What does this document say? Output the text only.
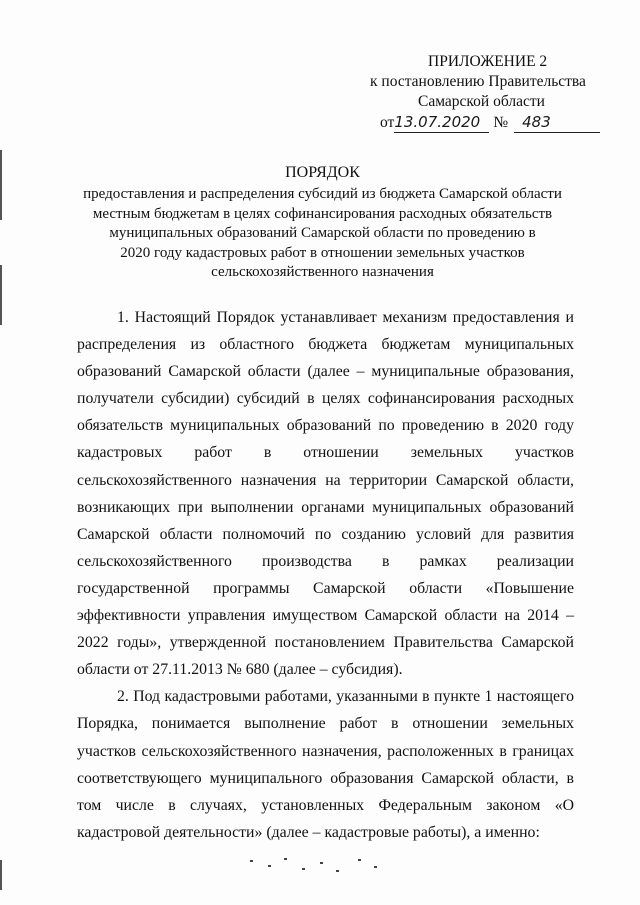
ПРИЛОЖЕНИЕ 2
к постановлению Правительства
Самарской области
от 13.07.2020 № 483
ПОРЯДОК
предоставления и распределения субсидий из бюджета Самарской области
местным бюджетам в целях софинансирования расходных обязательств
муниципальных образований Самарской области по проведению в
2020 году кадастровых работ в отношении земельных участков
сельскохозяйственного назначения

1. Настоящий Порядок устанавливает механизм предоставления и распределения из областного бюджета бюджетам муниципальных образований Самарской области (далее – муниципальные образования, получатели субсидии) субсидий в целях софинансирования расходных обязательств муниципальных образований по проведению в 2020 году кадастровых работ в отношении земельных участков сельскохозяйственного назначения на территории Самарской области, возникающих при выполнении органами муниципальных образований Самарской области полномочий по созданию условий для развития сельскохозяйственного производства в рамках реализации государственной программы Самарской области «Повышение эффективности управления имуществом Самарской области на 2014 – 2022 годы», утвержденной постановлением Правительства Самарской области от 27.11.2013 № 680 (далее – субсидия).

2. Под кадастровыми работами, указанными в пункте 1 настоящего Порядка, понимается выполнение работ в отношении земельных участков сельскохозяйственного назначения, расположенных в границах соответствующего муниципального образования Самарской области, в том числе в случаях, установленных Федеральным законом «О кадастровой деятельности» (далее – кадастровые работы), а именно:
